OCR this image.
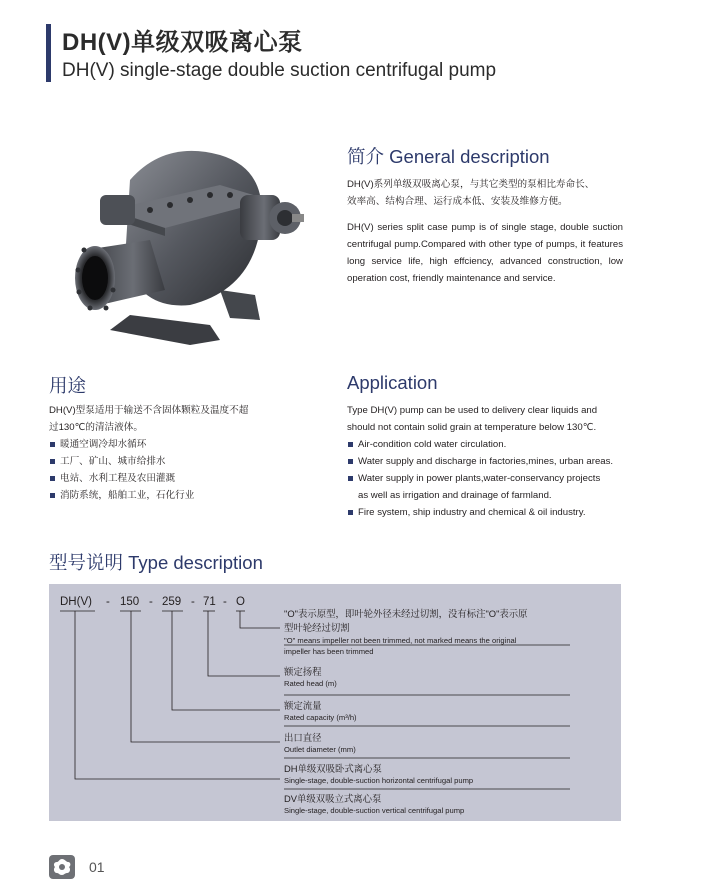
DH(V)单级双吸离心泵
DH(V) single-stage double suction centrifugal pump
简介 General description
DH(V)系列单级双吸离心泵，与其它类型的泵相比寿命长、
效率高、结构合理、运行成本低、安装及维修方便。
DH(V) series split case pump is of single stage, double suction centrifugal pump.Compared with other type of pumps, it features long service life, high effciency, advanced construction, low operation cost, friendly maintenance and service.
用途
DH(V)型泵适用于输送不含固体颗粒及温度不超
过130℃的清洁液体。
暖通空调冷却水循环
工厂、矿山、城市给排水
电站、水利工程及农田灌溉
消防系统，船舶工业，石化行业
Application
Type DH(V) pump can be used to delivery clear liquids and
should not contain solid grain at temperature below 130℃.
Air-condition cold water circulation.
Water supply and discharge in factories,mines, urban areas.
Water supply in power plants,water-conservancy projects
as well as irrigation and drainage of farmland.
Fire system, ship industry and chemical & oil industry.
型号说明 Type description
DH(V) - 150 - 259 - 71 - O
"O"表示原型，即叶轮外径未经过切割，没有标注"O"表示原
型叶轮经过切割
"O" means impeller not been trimmed, not marked means the original
impeller has been trimmed
额定扬程
Rated head (m)
额定流量
Rated capacity (m³/h)
出口直径
Outlet diameter (mm)
DH单级双吸卧式离心泵
Single-stage, double-suction horizontal centrifugal pump
DV单级双吸立式离心泵
Single-stage, double-suction vertical centrifugal pump
01
